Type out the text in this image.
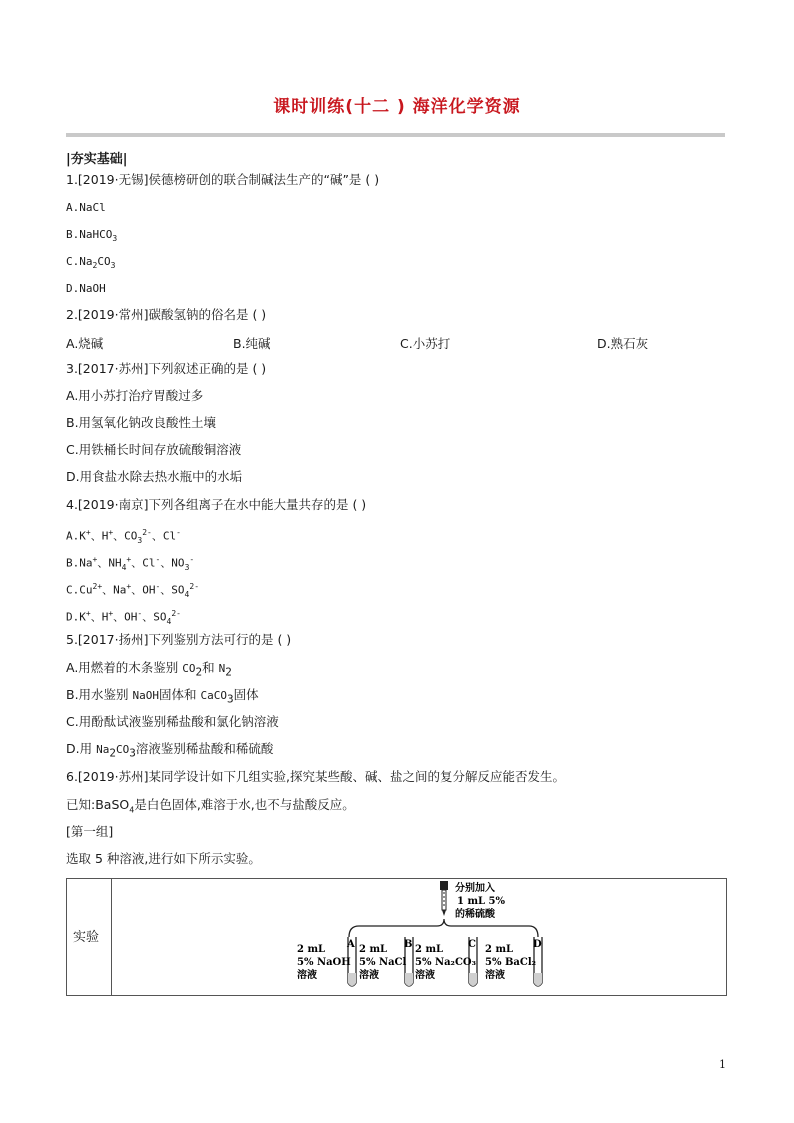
课时训练(十二 ) 海洋化学资源
|夯实基础|
1.[2019·无锡]侯德榜研创的联合制碱法生产的“碱”是 ( )
A.NaCl
B.NaHCO$_3$
$C.Na_2CO_3$
D.NaOH
2.[2019·常州]碳酸氢钠的俗名是 ( )
A.烧碱	B.纯碱	C.小苏打	D.熟石灰
3.[2017·苏州]下列叙述正确的是 ( )
A.用小苏打治疗胃酸过多
B.用氢氧化钠改良酸性土壤
C.用铁桶长时间存放硫酸铜溶液
D.用食盐水除去热水瓶中的水垢
4.[2019·南京]下列各组离子在水中能大量共存的是 ( )
A.K+、H+、$CO_3^{2-}$、Cl-
B.Na+、$NH_4^+$、Cl-、$NO_3^-$
$C.Cu^{2+}$、Na+、OH-、$SO_4^{2-}$
D.K+、H+、OH-、$SO_4^{2-}$
5.[2017·扬州]下列鉴别方法可行的是 ( )
A.用燃着的木条鉴别 $CO_2$和 $N_2$
B.用水鉴别 NaOH固体和 CaCO$_3$固体
C.用酚酞试液鉴别稀盐酸和氯化钠溶液
D.用 $Na_2CO_3$溶液鉴别稀盐酸和稀硫酸
6.[2019·苏州]某同学设计如下几组实验,探究某些酸、碱、盐之间的复分解反应能否发生。
已知:BaSO$_4$是白色固体,难溶于水,也不与盐酸反应。
[第一组]
选取 5 种溶液,进行如下所示实验。
实验
分别加入
1 mL 5%
的稀硫酸
A
2 mL
5% NaOH
溶液
B
2 mL
5% NaCl
溶液
C
2 mL
5% Na₂CO₃
溶液
D
2 mL
5% BaCl₂
溶液
1
